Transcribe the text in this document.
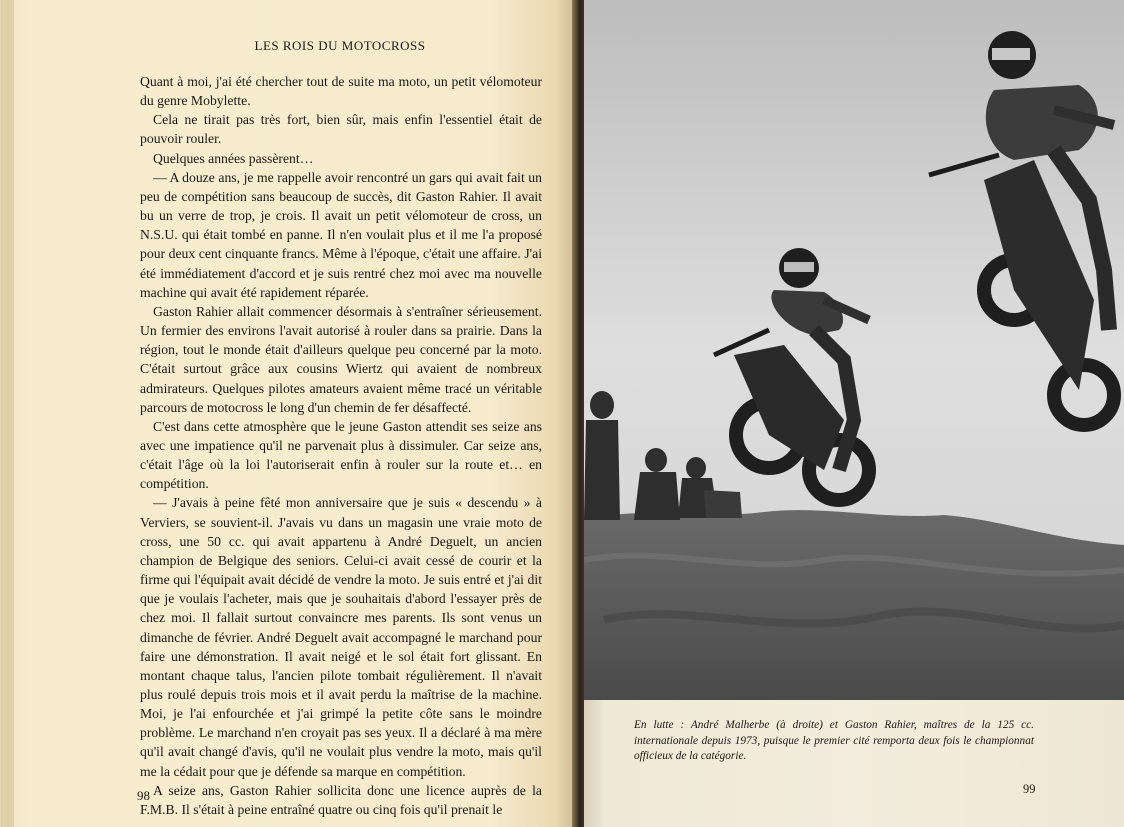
LES ROIS DU MOTOCROSS

Quant à moi, j'ai été chercher tout de suite ma moto, un petit vélomoteur du genre Mobylette.

Cela ne tirait pas très fort, bien sûr, mais enfin l'essentiel était de pouvoir rouler.

Quelques années passèrent…

— A douze ans, je me rappelle avoir rencontré un gars qui avait fait un peu de compétition sans beaucoup de succès, dit Gaston Rahier. Il avait bu un verre de trop, je crois. Il avait un petit vélomoteur de cross, un N.S.U. qui était tombé en panne. Il n'en voulait plus et il me l'a proposé pour deux cent cinquante francs. Même à l'époque, c'était une affaire. J'ai été immédiatement d'accord et je suis rentré chez moi avec ma nouvelle machine qui avait été rapidement réparée.

Gaston Rahier allait commencer désormais à s'entraîner sérieusement. Un fermier des environs l'avait autorisé à rouler dans sa prairie. Dans la région, tout le monde était d'ailleurs quelque peu concerné par la moto. C'était surtout grâce aux cousins Wiertz qui avaient de nombreux admirateurs. Quelques pilotes amateurs avaient même tracé un véritable parcours de motocross le long d'un chemin de fer désaffecté.

C'est dans cette atmosphère que le jeune Gaston attendit ses seize ans avec une impatience qu'il ne parvenait plus à dissimuler. Car seize ans, c'était l'âge où la loi l'autoriserait enfin à rouler sur la route et… en compétition.

— J'avais à peine fêté mon anniversaire que je suis « descendu » à Verviers, se souvient-il. J'avais vu dans un magasin une vraie moto de cross, une 50 cc. qui avait appartenu à André Deguelt, un ancien champion de Belgique des seniors. Celui-ci avait cessé de courir et la firme qui l'équipait avait décidé de vendre la moto. Je suis entré et j'ai dit que je voulais l'acheter, mais que je souhaitais d'abord l'essayer près de chez moi. Il fallait surtout convaincre mes parents. Ils sont venus un dimanche de février. André Deguelt avait accompagné le marchand pour faire une démonstration. Il avait neigé et le sol était fort glissant. En montant chaque talus, l'ancien pilote tombait régulièrement. Il n'avait plus roulé depuis trois mois et il avait perdu la maîtrise de la machine. Moi, je l'ai enfourchée et j'ai grimpé la petite côte sans le moindre problème. Le marchand n'en croyait pas ses yeux. Il a déclaré à ma mère qu'il avait changé d'avis, qu'il ne voulait plus vendre la moto, mais qu'il me la cédait pour que je défende sa marque en compétition.

A seize ans, Gaston Rahier sollicita donc une licence auprès de la F.M.B. Il s'était à peine entraîné quatre ou cinq fois qu'il prenait le

98
En lutte : André Malherbe (à droite) et Gaston Rahier, maîtres de la 125 cc. internationale depuis 1973, puisque le premier cité remporta deux fois le championnat officieux de la catégorie.
99
